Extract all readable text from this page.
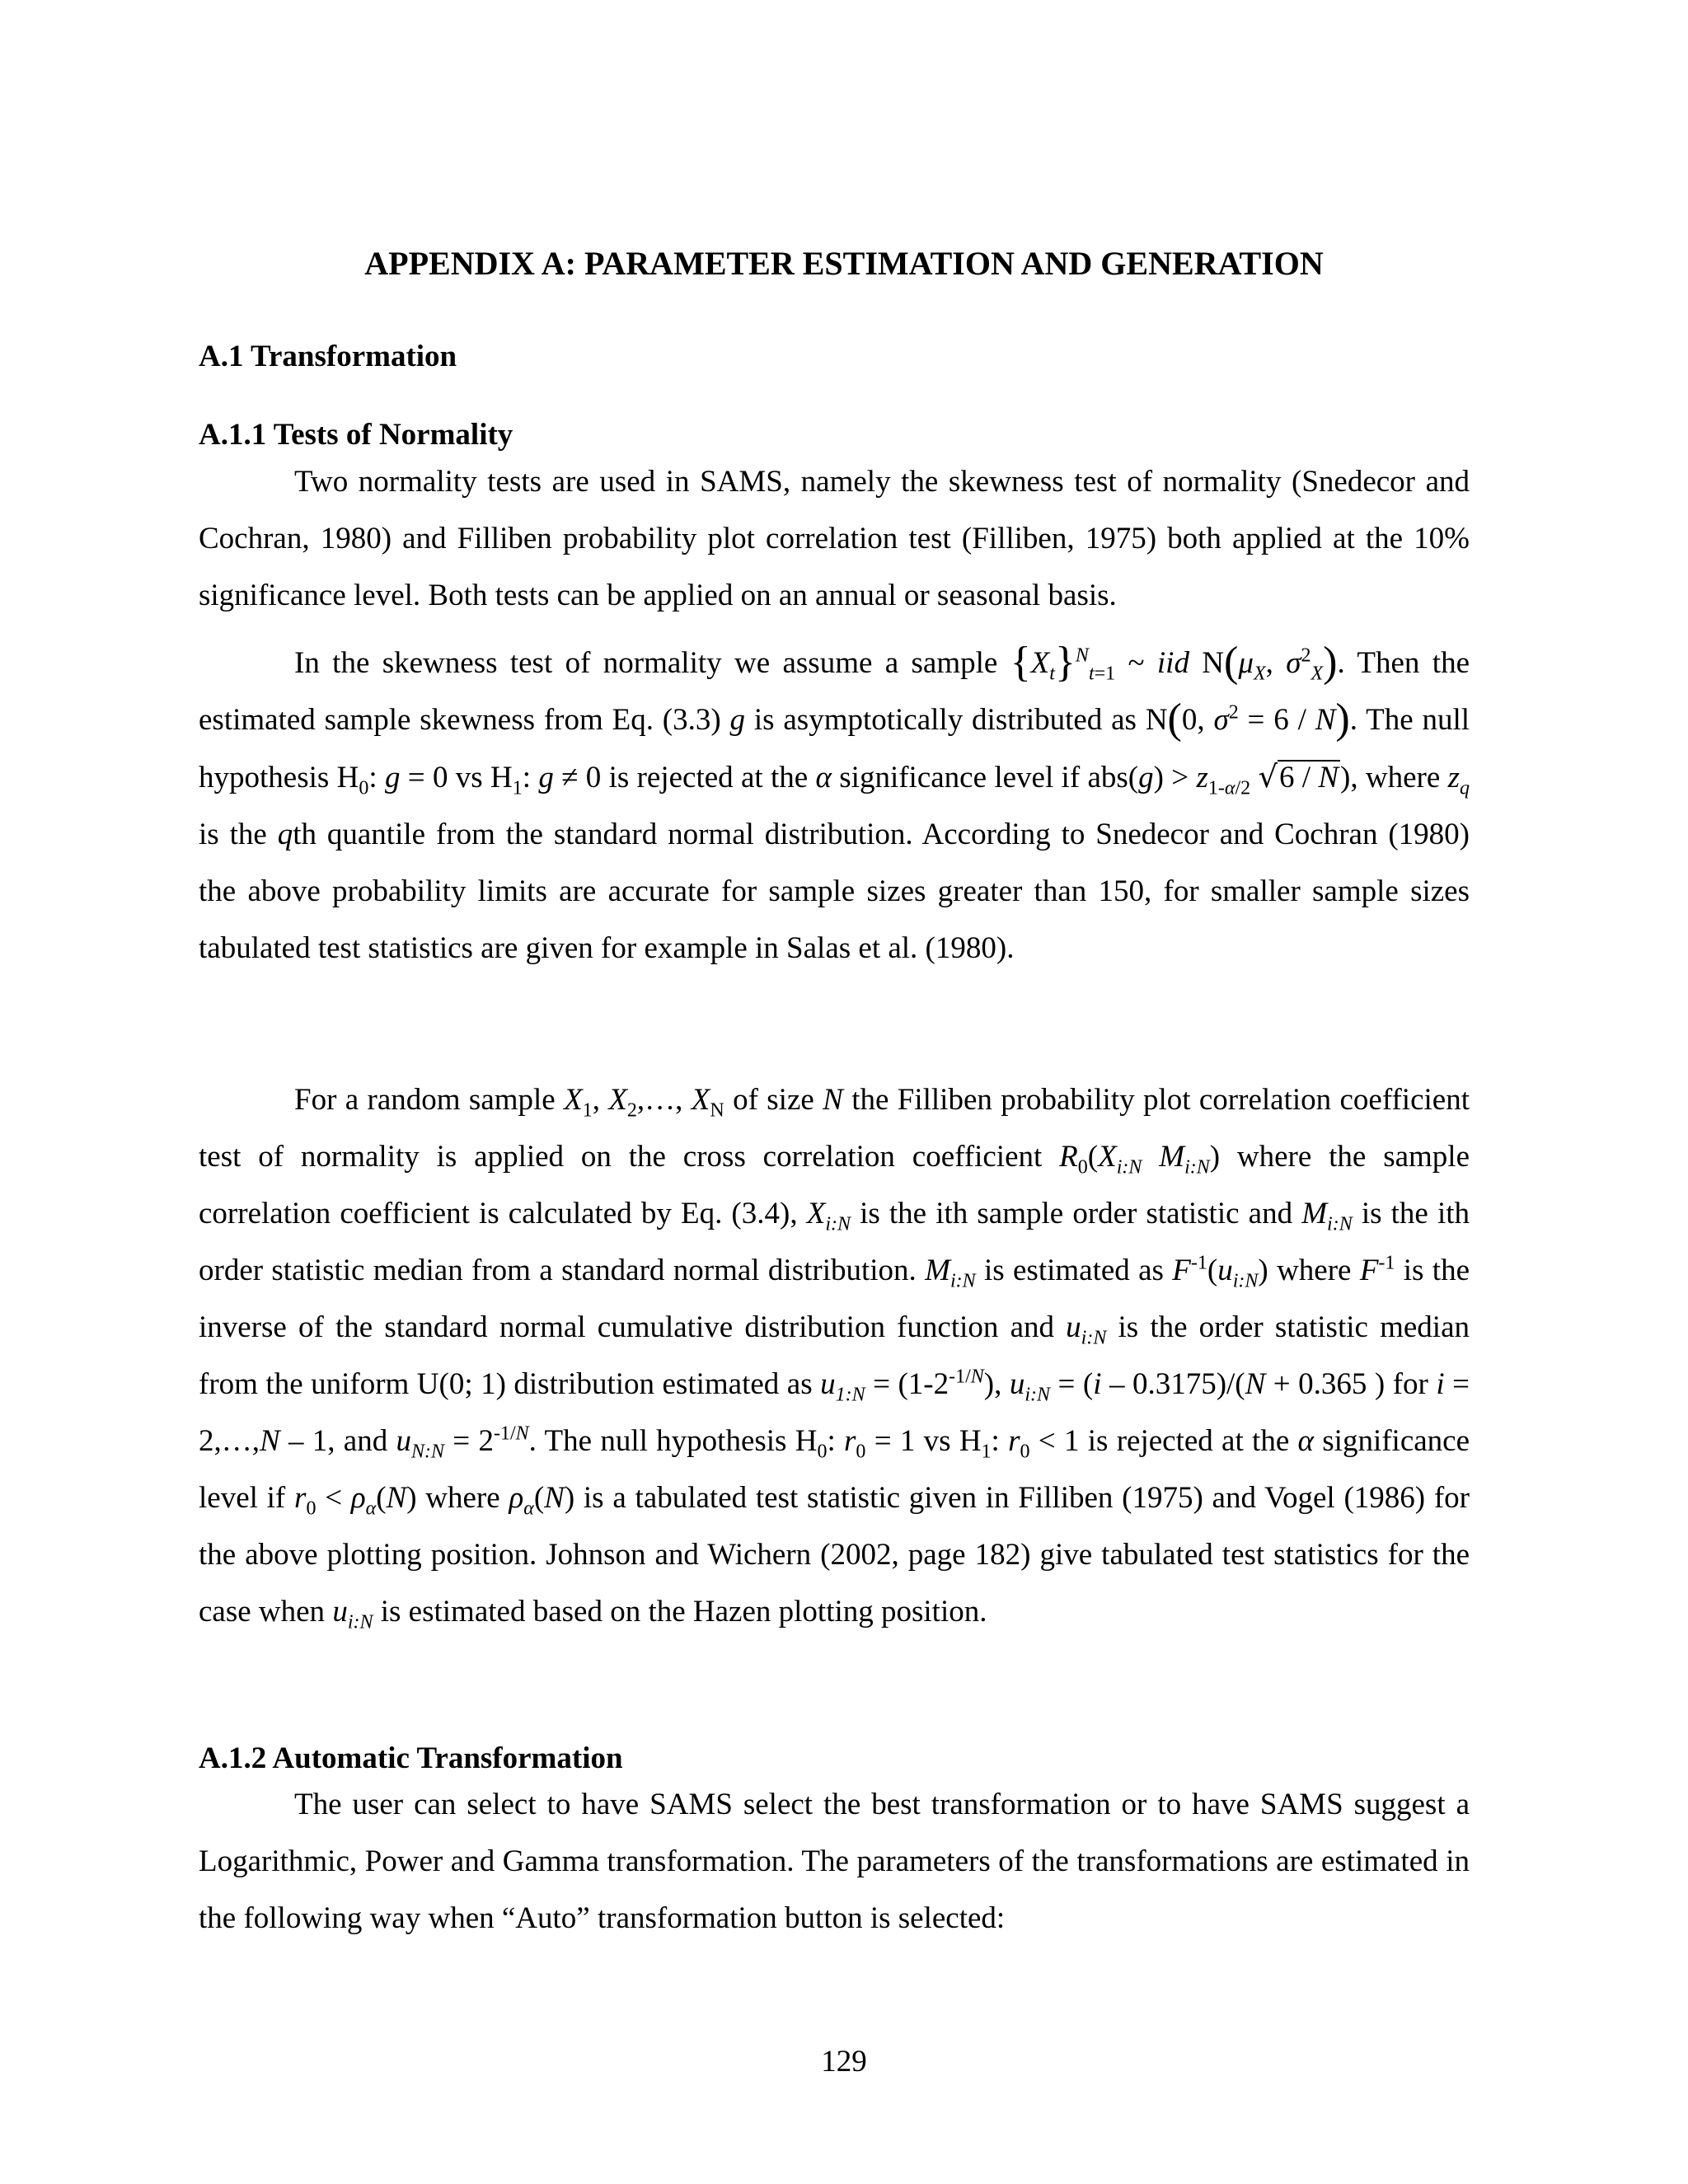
APPENDIX A: PARAMETER ESTIMATION AND GENERATION
A.1 Transformation
A.1.1 Tests of Normality
Two normality tests are used in SAMS, namely the skewness test of normality (Snedecor and Cochran, 1980) and Filliben probability plot correlation test (Filliben, 1975) both applied at the 10% significance level. Both tests can be applied on an annual or seasonal basis.
In the skewness test of normality we assume a sample $\{X_t\}^N_{t=1}$ ~ iid $N(\mu_X$, $\sigma^2_X$). Then the estimated sample skewness from Eq. (3.3) g is asymptotically distributed as N(0, $\sigma^2 = 6 / N$). The null hypothesis $H_0$: g = 0 vs $H_1$: g ≠ 0 is rejected at the α significance level if $abs(g) > z_{1-\alpha/2}$ √6 / N), where $z_q$ is the qth quantile from the standard normal distribution. According to Snedecor and Cochran (1980) the above probability limits are accurate for sample sizes greater than 150, for smaller sample sizes tabulated test statistics are given for example in Salas et al. (1980).
For a random sample $X_1$, $X_2,\dots$, $X_N$ of size N the Filliben probability plot correlation coefficient test of normality is applied on the cross correlation coefficient $R_0(X_{i:N}$ $M_{i:N}$) where the sample correlation coefficient is calculated by Eq. (3.4), $X_{i:N}$ is the ith sample order statistic and $M_{i:N}$ is the ith order statistic median from a standard normal distribution. $M_{i:N}$ is estimated as $F^{-1}(u_{i:N})$ where $F^{-1}$ is the inverse of the standard normal cumulative distribution function and $u_{i:N}$ is the order statistic median from the uniform U(0; 1) distribution estimated as $u_{1:N} = (1-2^{-1/N})$, $u_{i:N} = (i - 0.3175)/(N + 0.365$ ) for i = 2,…,N – 1, and $u_{N:N} = 2^{-1/N}$. The null hypothesis $H_0$: $r_0 = 1$ vs $H_1$: $r_0 < 1$ is rejected at the α significance level if $r_0 < \rho_\alpha(N)$ where $\rho_\alpha(N)$ is a tabulated test statistic given in Filliben (1975) and Vogel (1986) for the above plotting position. Johnson and Wichern (2002, page 182) give tabulated test statistics for the case when $u_{i:N}$ is estimated based on the Hazen plotting position.
A.1.2 Automatic Transformation
The user can select to have SAMS select the best transformation or to have SAMS suggest a Logarithmic, Power and Gamma transformation. The parameters of the transformations are estimated in the following way when “Auto” transformation button is selected:
129
